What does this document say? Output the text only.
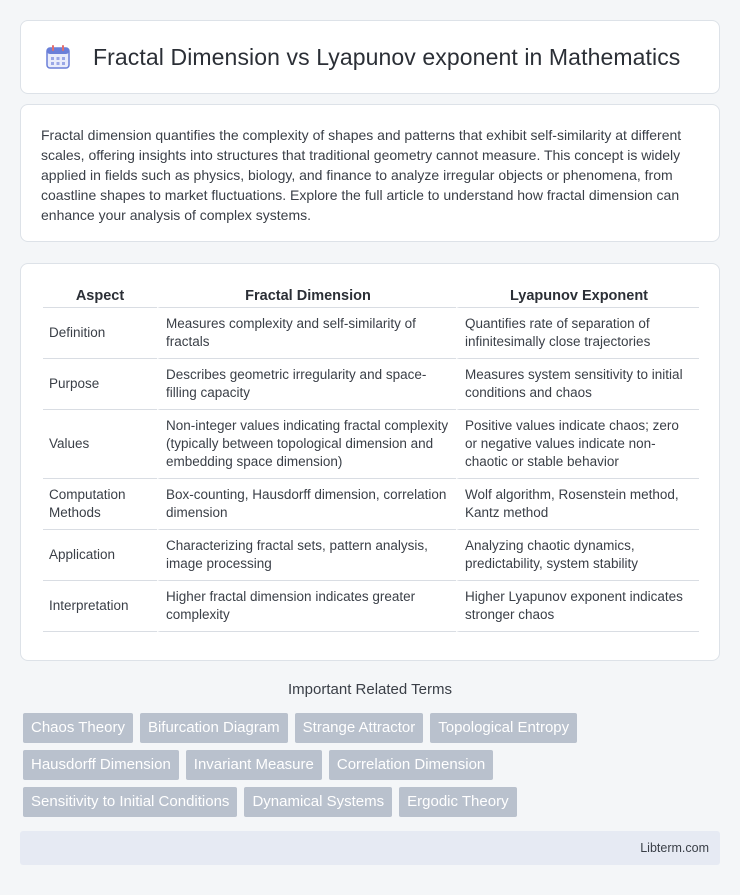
Fractal Dimension vs Lyapunov exponent in Mathematics

Fractal dimension quantifies the complexity of shapes and patterns that exhibit self-similarity at different scales, offering insights into structures that traditional geometry cannot measure. This concept is widely applied in fields such as physics, biology, and finance to analyze irregular objects or phenomena, from coastline shapes to market fluctuations. Explore the full article to understand how fractal dimension can enhance your analysis of complex systems.

Aspect	Fractal Dimension	Lyapunov Exponent
Definition	Measures complexity and self-similarity of fractals	Quantifies rate of separation of infinitesimally close trajectories
Purpose	Describes geometric irregularity and space-filling capacity	Measures system sensitivity to initial conditions and chaos
Values	Non-integer values indicating fractal complexity (typically between topological dimension and embedding space dimension)	Positive values indicate chaos; zero or negative values indicate non-chaotic or stable behavior
Computation Methods	Box-counting, Hausdorff dimension, correlation dimension	Wolf algorithm, Rosenstein method, Kantz method
Application	Characterizing fractal sets, pattern analysis, image processing	Analyzing chaotic dynamics, predictability, system stability
Interpretation	Higher fractal dimension indicates greater complexity	Higher Lyapunov exponent indicates stronger chaos
Important Related Terms
Chaos Theory	Bifurcation Diagram	Strange Attractor	Topological Entropy
Hausdorff Dimension	Invariant Measure	Correlation Dimension
Sensitivity to Initial Conditions	Dynamical Systems	Ergodic Theory
Libterm.com
